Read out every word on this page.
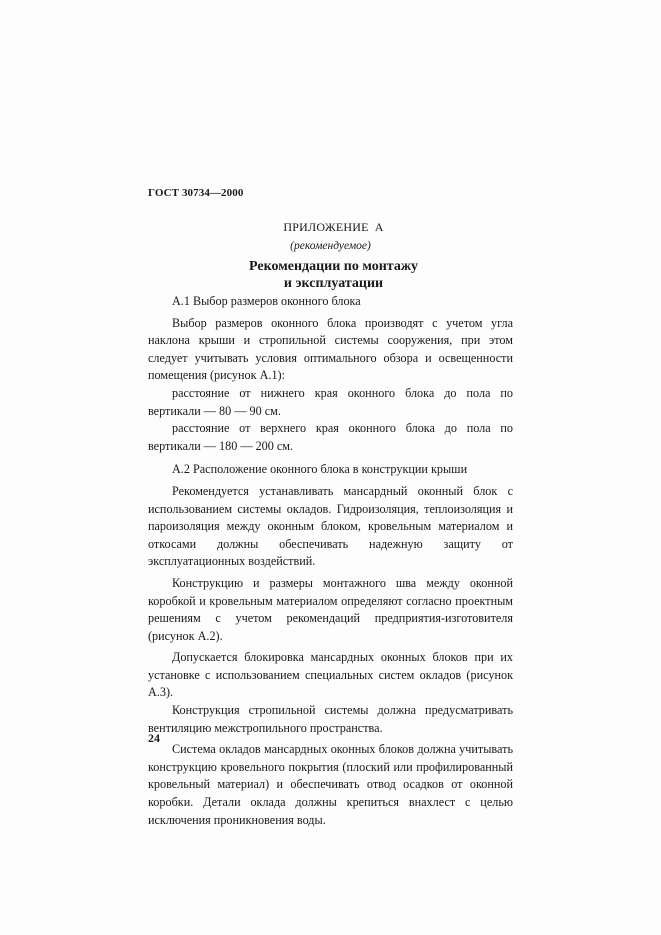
ГОСТ 30734—2000
ПРИЛОЖЕНИЕ А
(рекомендуемое)
Рекомендации по монтажу
и эксплуатации

А.1 Выбор размеров оконного блока

Выбор размеров оконного блока производят с учетом угла наклона крыши и стропильной системы сооружения, при этом следует учитывать условия оптимального обзора и освещенности помещения (рисунок А.1):

расстояние от нижнего края оконного блока до пола по вертикали — 80 — 90 см.

расстояние от верхнего края оконного блока до пола по вертикали — 180 — 200 см.

А.2 Расположение оконного блока в конструкции крыши

Рекомендуется устанавливать мансардный оконный блок с использованием системы окладов. Гидроизоляция, теплоизоляция и пароизоляция между оконным блоком, кровельным материалом и откосами должны обеспечивать надежную защиту от эксплуатационных воздействий.

Конструкцию и размеры монтажного шва между оконной коробкой и кровельным материалом определяют согласно проектным решениям с учетом рекомендаций предприятия-изготовителя (рисунок А.2).

Допускается блокировка мансардных оконных блоков при их установке с использованием специальных систем окладов (рисунок А.3).

Конструкция стропильной системы должна предусматривать вентиляцию межстропильного пространства.

Система окладов мансардных оконных блоков должна учитывать конструкцию кровельного покрытия (плоский или профилированный кровельный материал) и обеспечивать отвод осадков от оконной коробки. Детали оклада должны крепиться внахлест с целью исключения проникновения воды.

24
